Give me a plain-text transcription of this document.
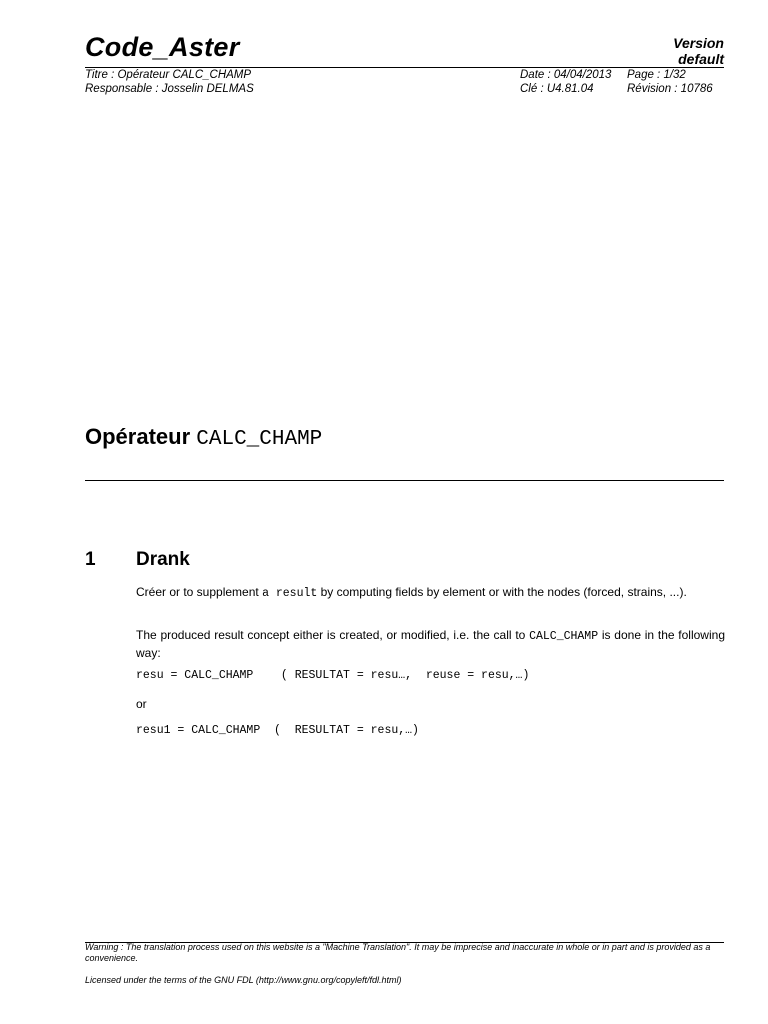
Code_Aster	Version
default
Titre : Opérateur CALC_CHAMP
Responsable : Josselin DELMAS
Date : 04/04/2013 Page : 1/32
Clé : U4.81.04	Révision : 10786
Opérateur CALC_CHAMP
1 Drank
Créer or to supplement a result by computing fields by element or with the nodes (forced, strains, ...).
The produced result concept either is created, or modified, i.e. the call to CALC_CHAMP is done in the following way:
resu = CALC_CHAMP    ( RESULTAT = resu…,  reuse = resu,…)
or
resu1 = CALC_CHAMP  (  RESULTAT = resu,…)
Warning : The translation process used on this website is a "Machine Translation". It may be imprecise and inaccurate in whole or in part and is provided as a convenience.
Licensed under the terms of the GNU FDL (http://www.gnu.org/copyleft/fdl.html)
